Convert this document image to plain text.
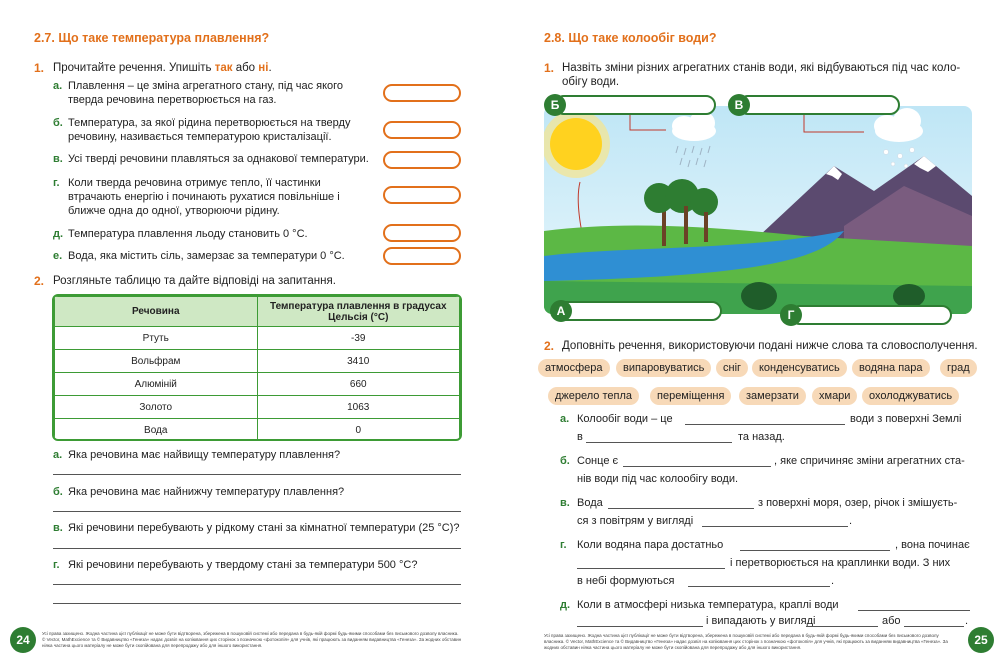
2.7. Що таке температура плавлення?
1. Прочитайте речення. Упишіть так або ні.
а. Плавлення – це зміна агрегатного стану, під час якого тверда речовина перетворюється на газ.
б. Температура, за якої рідина перетворюється на тверду речовину, називається температурою кристалізації.
в. Усі тверді речовини плавляться за однакової температури.
г. Коли тверда речовина отримує тепло, її частинки втрачають енергію і починають рухатися повільніше і ближче одна до одної, утворюючи рідину.
д. Температура плавлення льоду становить 0 °C.
е. Вода, яка містить сіль, замерзає за температури 0 °C.
2. Розгляньте таблицю та дайте відповіді на запитання.
Речовина	Температура плавлення в градусах Цельсія (°C)
Ртуть	-39
Вольфрам	3410
Алюміній	660
Золото	1063
Вода	0
а. Яка речовина має найвищу температуру плавлення?
б. Яка речовина має найнижчу температуру плавлення?
в. Які речовини перебувають у рідкому стані за кімнатної температури (25 °C)?
г. Які речовини перебувають у твердому стані за температури 500 °C?
24	Усі права захищено. Жодна частина цієї публікації не може бути відтворена, збережена в пошуковій системі або передана в будь-якій формі будь-якими способами без письмового дозволу власника. © Vector, MathExcience та © Видавництво «Генеза» надає дозвіл на копіювання цих сторінок з позначкою «фотокопія» для учнів, які працюють за виданням видавництва «Генеза». За жодних обставин ніяка частина цього матеріалу не може бути скопійована для перепродажу або для іншого використання.
2.8. Що таке колообіг води?
1. Назвіть зміни різних агрегатних станів води, які відбуваються під час коло-обігу води.
Б	В
А	Г
2. Доповніть речення, використовуючи подані нижче слова та словосполучення.
атмосфера	випаровуватись	сніг	конденсуватись	водяна пара	град
джерело тепла	переміщення	замерзати	хмари	охолоджуватись
а. Колообіг води – це	води з поверхні Землі
в	та назад.
б. Сонце є	, яке спричиняє зміни агрегатних ста-
нів води під час колообігу води.
в. Вода	з поверхні моря, озер, річок і змішуєть-
ся з повітрям у вигляді	.
г. Коли водяна пара достатньо	, вона починає
і перетворюється на краплинки води. З них
в небі формуються	.
д. Коли в атмосфері низька температура, краплі води
і випадають у вигляді	або	.
Усі права захищено. Жодна частина цієї публікації не може бути відтворена, збережена в пошуковій системі або передана в будь-якій формі будь-якими способами без письмового дозволу власника. © Vector, MathExcience та © Видавництво «Генеза» надає дозвіл на копіювання цих сторінок з позначкою «фотокопія» для учнів, які працюють за виданням видавництва «Генеза». За жодних обставин ніяка частина цього матеріалу не може бути скопійована для перепродажу або для іншого використання.
25
